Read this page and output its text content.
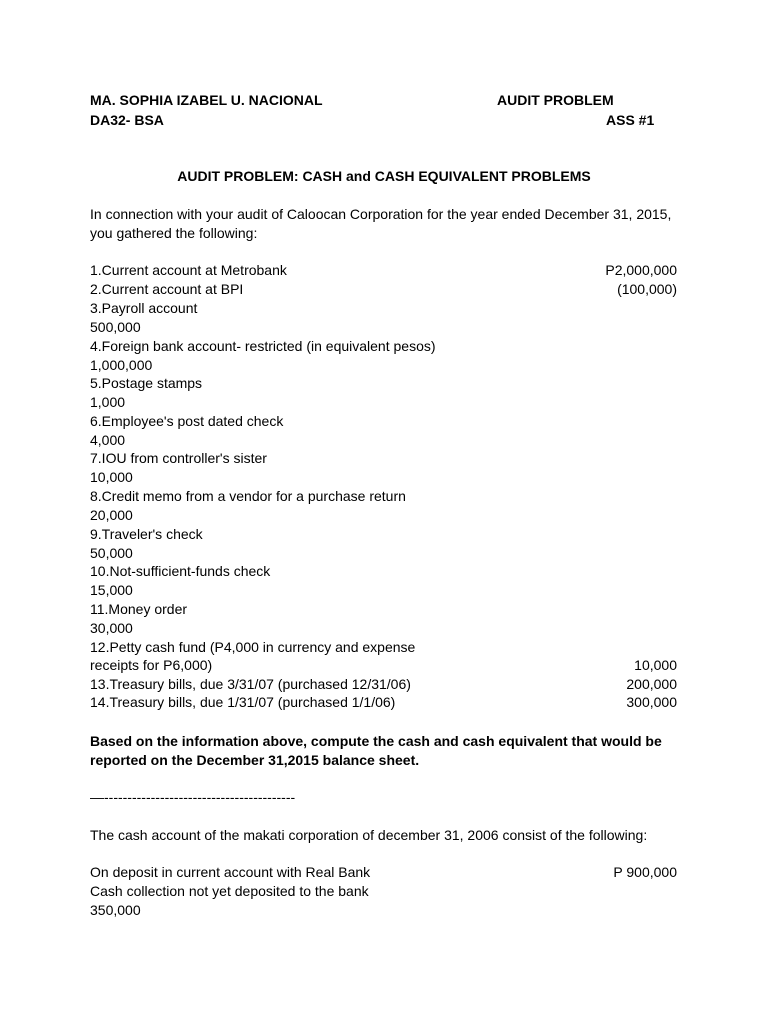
MA. SOPHIA IZABEL U. NACIONAL
DA32- BSA
AUDIT PROBLEM
ASS #1
AUDIT PROBLEM: CASH and CASH EQUIVALENT PROBLEMS
In connection with your audit of Caloocan Corporation for the year ended December 31, 2015,
you gathered the following:
1.Current account at Metrobank	P2,000,000
2.Current account at BPI	(100,000)
3.Payroll account
500,000
4.Foreign bank account- restricted (in equivalent pesos)
1,000,000
5.Postage stamps
1,000
6.Employee's post dated check
4,000
7.IOU from controller's sister
10,000
8.Credit memo from a vendor for a purchase return
20,000
9.Traveler's check
50,000
10.Not-sufficient-funds check
15,000
11.Money order
30,000
12.Petty cash fund (P4,000 in currency and expense
receipts for P6,000)	10,000
13.Treasury bills, due 3/31/07 (purchased 12/31/06)	200,000
14.Treasury bills, due 1/31/07 (purchased 1/1/06)	300,000
Based on the information above, compute the cash and cash equivalent that would be
reported on the December 31,2015 balance sheet.
—-----------------------------------------
The cash account of the makati corporation of december 31, 2006 consist of the following:
On deposit in current account with Real Bank	P 900,000
Cash collection not yet deposited to the bank
350,000
